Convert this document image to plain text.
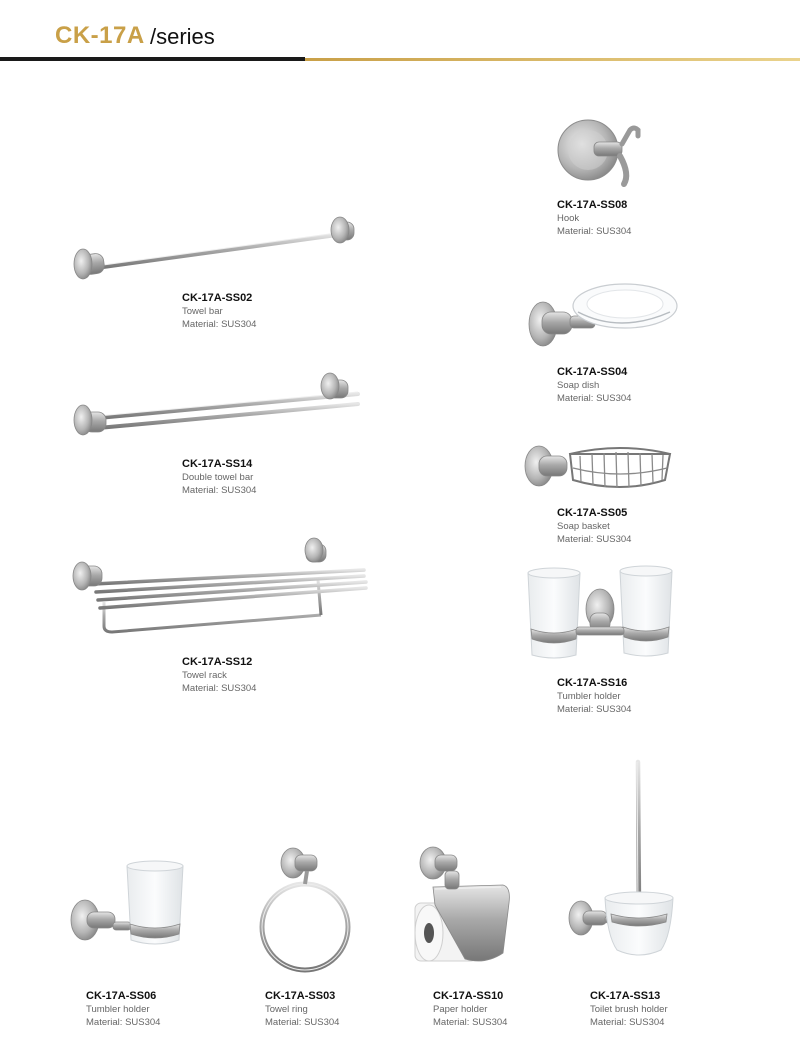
CK-17A /series
CK-17A-SS08
Hook
Material: SUS304
CK-17A-SS02
Towel bar
Material: SUS304
CK-17A-SS04
Soap dish
Material: SUS304
CK-17A-SS14
Double towel bar
Material: SUS304
CK-17A-SS05
Soap basket
Material: SUS304
CK-17A-SS12
Towel rack
Material: SUS304	CK-17A-SS16
Tumbler holder
Material: SUS304
CK-17A-SS06
Tumbler holder
Material: SUS304
CK-17A-SS03
Towel ring
Material: SUS304
CK-17A-SS10
Paper holder
Material: SUS304
CK-17A-SS13
Toilet brush holder
Material: SUS304
